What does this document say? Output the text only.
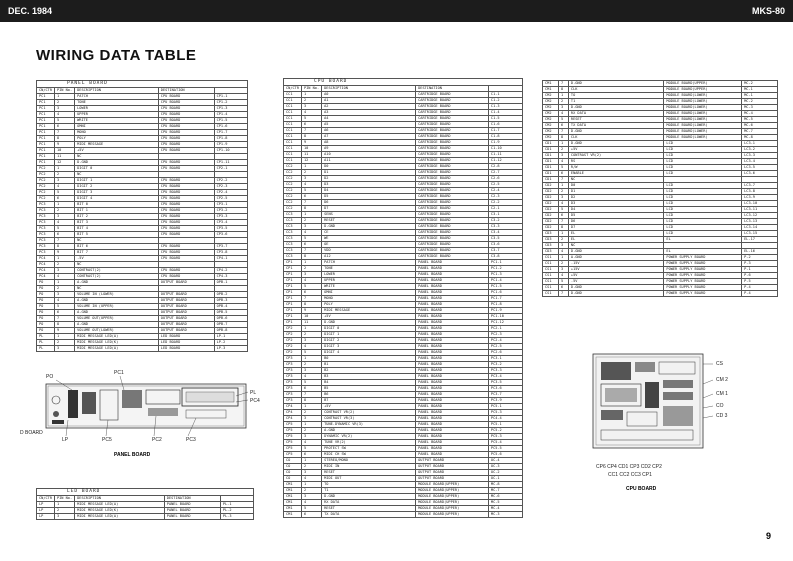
DEC. 1984	MKS-80
WIRING DATA TABLE
PANEL BOARD
CN/CTR	PIN No.	DESCRIPTION	DESTINATION	
PC1	1	PATCH	CPU BOARD	CP1-1
PC1	2	TONE	CPU BOARD	CP1-2
PC1	3	LOWER	CPU BOARD	CP1-3
PC1	4	UPPER	CPU BOARD	CP1-4
PC1	5	WRITE	CPU BOARD	CP1-5
PC1	6	OMNI	CPU BOARD	CP1-6
PC1	7	MONO	CPU BOARD	CP1-7
PC1	8	POLY	CPU BOARD	CP1-8
PC1	9	MIDI MESSAGE	CPU BOARD	CP1-9
PC1	10	+5V	CPU BOARD	CP1-10
PC1	11	NC		
PC1	12	D.GND	CPU BOARD	CP1-11
PC2	1	DIGIT 0	CPU BOARD	CP2-1
PC2	2	NC		
PC2	3	DIGIT 1	CPU BOARD	CP2-2
PC2	4	DIGIT 2	CPU BOARD	CP2-3
PC2	5	DIGIT 3	CPU BOARD	CP2-4
PC2	6	DIGIT 4	CPU BOARD	CP2-5
PC3	1	BIT 0	CPU BOARD	CP3-1
PC3	2	BIT 1	CPU BOARD	CP3-2
PC3	3	BIT 2	CPU BOARD	CP3-3
PC3	4	BIT 3	CPU BOARD	CP3-4
PC3	5	BIT 4	CPU BOARD	CP3-5
PC3	6	BIT 5	CPU BOARD	CP3-6
PC3	7	NC		
PC3	8	BIT 6	CPU BOARD	CP3-7
PC3	9	BIT 7	CPU BOARD	CP3-8
PC4	1	-5V	CPU BOARD	CP4-1
PC4	2	NC		
PC4	3	CONTRAST(2)	CPU BOARD	CP4-2
PC4	4	CONTRAST(2)	CPU BOARD	CP4-3
PO	1	A.GND	OUTPUT BOARD	OPB-1
PO	2	NC		
PO	3	VOLUME IN (LOWER)	OUTPUT BOARD	OPB-2
PO	4	A.GND	OUTPUT BOARD	OPB-3
PO	5	VOLUME IN (UPPER)	OUTPUT BOARD	OPB-4
PO	6	A.GND	OUTPUT BOARD	OPB-5
PO	7	VOLUME OUT(UPPER)	OUTPUT BOARD	OPB-6
PO	8	A.GND	OUTPUT BOARD	OPB-7
PO	9	VOLUME OUT(LOWER)	OUTPUT BOARD	OPB-8
PL	1	MIDI MESSAGE LED(A)	LED BOARD	LP-1
PL	2	MIDI MESSAGE LED(K)	LED BOARD	LP-2
PL	3	MIDI MESSAGE LED(A)	LED BOARD	LP-3
PO
PC1
PL
PC4
D BOARD
LP	PC5	PC2	PC3
PANEL BOARD
LED BOARD
CN/CTR	PIN No.	DESCRIPTION	DESTINATION	
LP	1	MIDI MESSAGE LED(A)	PANEL BOARD	PL-1
LP	2	MIDI MESSAGE LED(K)	PANEL BOARD	PL-2
LP	3	MIDI MESSAGE LED(A)	PANEL BOARD	PL-3
CPU BOARD
CN/CTR	PIN No.	DESCRIPTION	DESTINATION	
CC1	1	A0	CARTRIDGE BOARD	C1-1
CC1	2	A1	CARTRIDGE BOARD	C1-2
CC1	3	A2	CARTRIDGE BOARD	C1-3
CC1	4	A3	CARTRIDGE BOARD	C1-4
CC1	5	A4	CARTRIDGE BOARD	C1-5
CC1	6	A5	CARTRIDGE BOARD	C1-6
CC1	7	A6	CARTRIDGE BOARD	C1-7
CC1	8	A7	CARTRIDGE BOARD	C1-8
CC1	9	A8	CARTRIDGE BOARD	C1-9
CC1	10	A9	CARTRIDGE BOARD	C1-10
CC1	11	A10	CARTRIDGE BOARD	C1-11
CC1	12	A11	CARTRIDGE BOARD	C1-12
CC2	1	D0	CARTRIDGE BOARD	C2-8
CC2	2	D1	CARTRIDGE BOARD	C2-7
CC2	3	D2	CARTRIDGE BOARD	C2-6
CC2	4	D3	CARTRIDGE BOARD	C2-5
CC2	5	D4	CARTRIDGE BOARD	C2-4
CC2	6	D5	CARTRIDGE BOARD	C2-3
CC2	7	D6	CARTRIDGE BOARD	C2-2
CC2	8	D7	CARTRIDGE BOARD	C2-1
CC3	1	SENS	CARTRIDGE BOARD	C3-1
CC3	2	RESET	CARTRIDGE BOARD	C3-2
CC3	3	D.GND	CARTRIDGE BOARD	C3-3
CC3	4	CE	CARTRIDGE BOARD	C3-4
CC3	5	WE	CARTRIDGE BOARD	C3-5
CC3	6	OE	CARTRIDGE BOARD	C3-6
CC3	7	VDD	CARTRIDGE BOARD	C3-7
CC3	8	A12	CARTRIDGE BOARD	C3-8
CP1	1	PATCH	PANEL BOARD	PC1-1
CP1	2	TONE	PANEL BOARD	PC1-2
CP1	3	LOWER	PANEL BOARD	PC1-3
CP1	4	UPPER	PANEL BOARD	PC1-4
CP1	5	WRITE	PANEL BOARD	PC1-5
CP1	6	OMNI	PANEL BOARD	PC1-6
CP1	7	MONO	PANEL BOARD	PC1-7
CP1	8	POLY	PANEL BOARD	PC1-8
CP1	9	MIDI MESSAGE	PANEL BOARD	PC1-9
CP1	10	+5V	PANEL BOARD	PC1-10
CP1	11	D.GND	PANEL BOARD	PC1-12
CP2	1	DIGIT 0	PANEL BOARD	PC2-1
CP2	2	DIGIT 1	PANEL BOARD	PC2-3
CP2	3	DIGIT 2	PANEL BOARD	PC2-4
CP2	4	DIGIT 3	PANEL BOARD	PC2-5
CP2	5	DIGIT 4	PANEL BOARD	PC2-6
CP3	1	B0	PANEL BOARD	PC3-1
CP3	2	B1	PANEL BOARD	PC3-2
CP3	3	B2	PANEL BOARD	PC3-3
CP3	4	B3	PANEL BOARD	PC3-4
CP3	5	B4	PANEL BOARD	PC3-5
CP3	6	B5	PANEL BOARD	PC3-6
CP3	7	B6	PANEL BOARD	PC3-7
CP3	8	B7	PANEL BOARD	PC3-9
CP4	1	+5V	PANEL BOARD	PC5-1
CP4	2	CONTRAST VR(2)	PANEL BOARD	PC5-3
CP4	3	CONTRAST VR(3)	PANEL BOARD	PC4-4
CP5	1	TUNE.DYNAMIC VR(3)	PANEL BOARD	PC5-1
CP5	2	A.GND	PANEL BOARD	PC5-2
CP5	3	DYNAMIC VR(2)	PANEL BOARD	PC5-3
CP5	4	TUNE VR(2)	PANEL BOARD	PC5-4
CP5	5	PROTECT SW	PANEL BOARD	PC5-5
CP5	6	MIDI CH SW	PANEL BOARD	PC5-6
CO	1	STEREO/MONO	OUTPUT BOARD	OC-4
CO	2	MIDI IN	OUTPUT BOARD	OC-3
CO	3	RESET	OUTPUT BOARD	OC-2
CO	4	MIDI OUT	OUTPUT BOARD	OC-1
CM1	1	TO	MODULE BOARD(UPPER)	MC-8
CM1	2	T1	MODULE BOARD(UPPER)	MC-7
CM1	3	D.GND	MODULE BOARD(UPPER)	MC-6
CM1	4	RX DATA	MODULE BOARD(UPPER)	MC-5
CM1	5	RESET	MODULE BOARD(UPPER)	MC-4
CM1	6	TX DATA	MODULE BOARD(UPPER)	MC-3
CM1	7	D.GND	MODULE BOARD(UPPER)	MC-2
CM1	8	CLK	MODULE BOARD(UPPER)	MC-1
CM2	1	TO	MODULE BOARD(LOWER)	MC-1
CM2	2	T1	MODULE BOARD(LOWER)	MC-2
CM2	3	D.GND	MODULE BOARD(LOWER)	MC-3
CM2	4	RX DATA	MODULE BOARD(LOWER)	MC-4
CM2	5	RESET	MODULE BOARD(LOWER)	MC-5
CM2	6	TX DATA	MODULE BOARD(LOWER)	MC-6
CM2	7	D.GND	MODULE BOARD(LOWER)	MC-7
CM2	8	CLK	MODULE BOARD(LOWER)	MC-8
CD1	1	D.GND	LCD	LC3-1
CD1	2	+5V	LCD	LC3-2
CD1	3	CONTRAST VR(2)	LCD	LC3-3
CD1	4	RS	LCD	LC3-4
CD1	5	R/W	LCD	LC3-5
CD1	6	ENABLE	LCD	LC3-6
CD1	7	NC		
CD2	1	D0	LCD	LC3-7
CD2	2	D1	LCD	LC3-8
CD2	3	D2	LCD	LC3-9
CD2	4	D3	LCD	LC3-10
CD2	5	D4	LCD	LC3-11
CD2	6	D5	LCD	LC3-12
CD2	7	D6	LCD	LC3-13
CD2	8	D7	LCD	LC3-14
CD3	1	EL	LCD	LC3-15
CD3	2	EL	EL	EL-17
CD3	3	NC		
CD3	4	D.GND	EL	EL-16
CS1	1	A.GND	POWER SUPPLY BOARD	P-2
CS1	2	-15V	POWER SUPPLY BOARD	P-3
CS1	3	+15V	POWER SUPPLY BOARD	P-1
CS1	4	+5V	POWER SUPPLY BOARD	P-6
CS1	5	-5V	POWER SUPPLY BOARD	P-5
CS1	6	D.GND	POWER SUPPLY BOARD	P-4
CS1	7	D.GND	POWER SUPPLY BOARD	P-4
CS
CM 2
CM 1
CO
CD 3
CP6 CP4 CD1 CP3 CD2 CP2
CC1 CC2 CC3 CP1
CPU BOARD
9
